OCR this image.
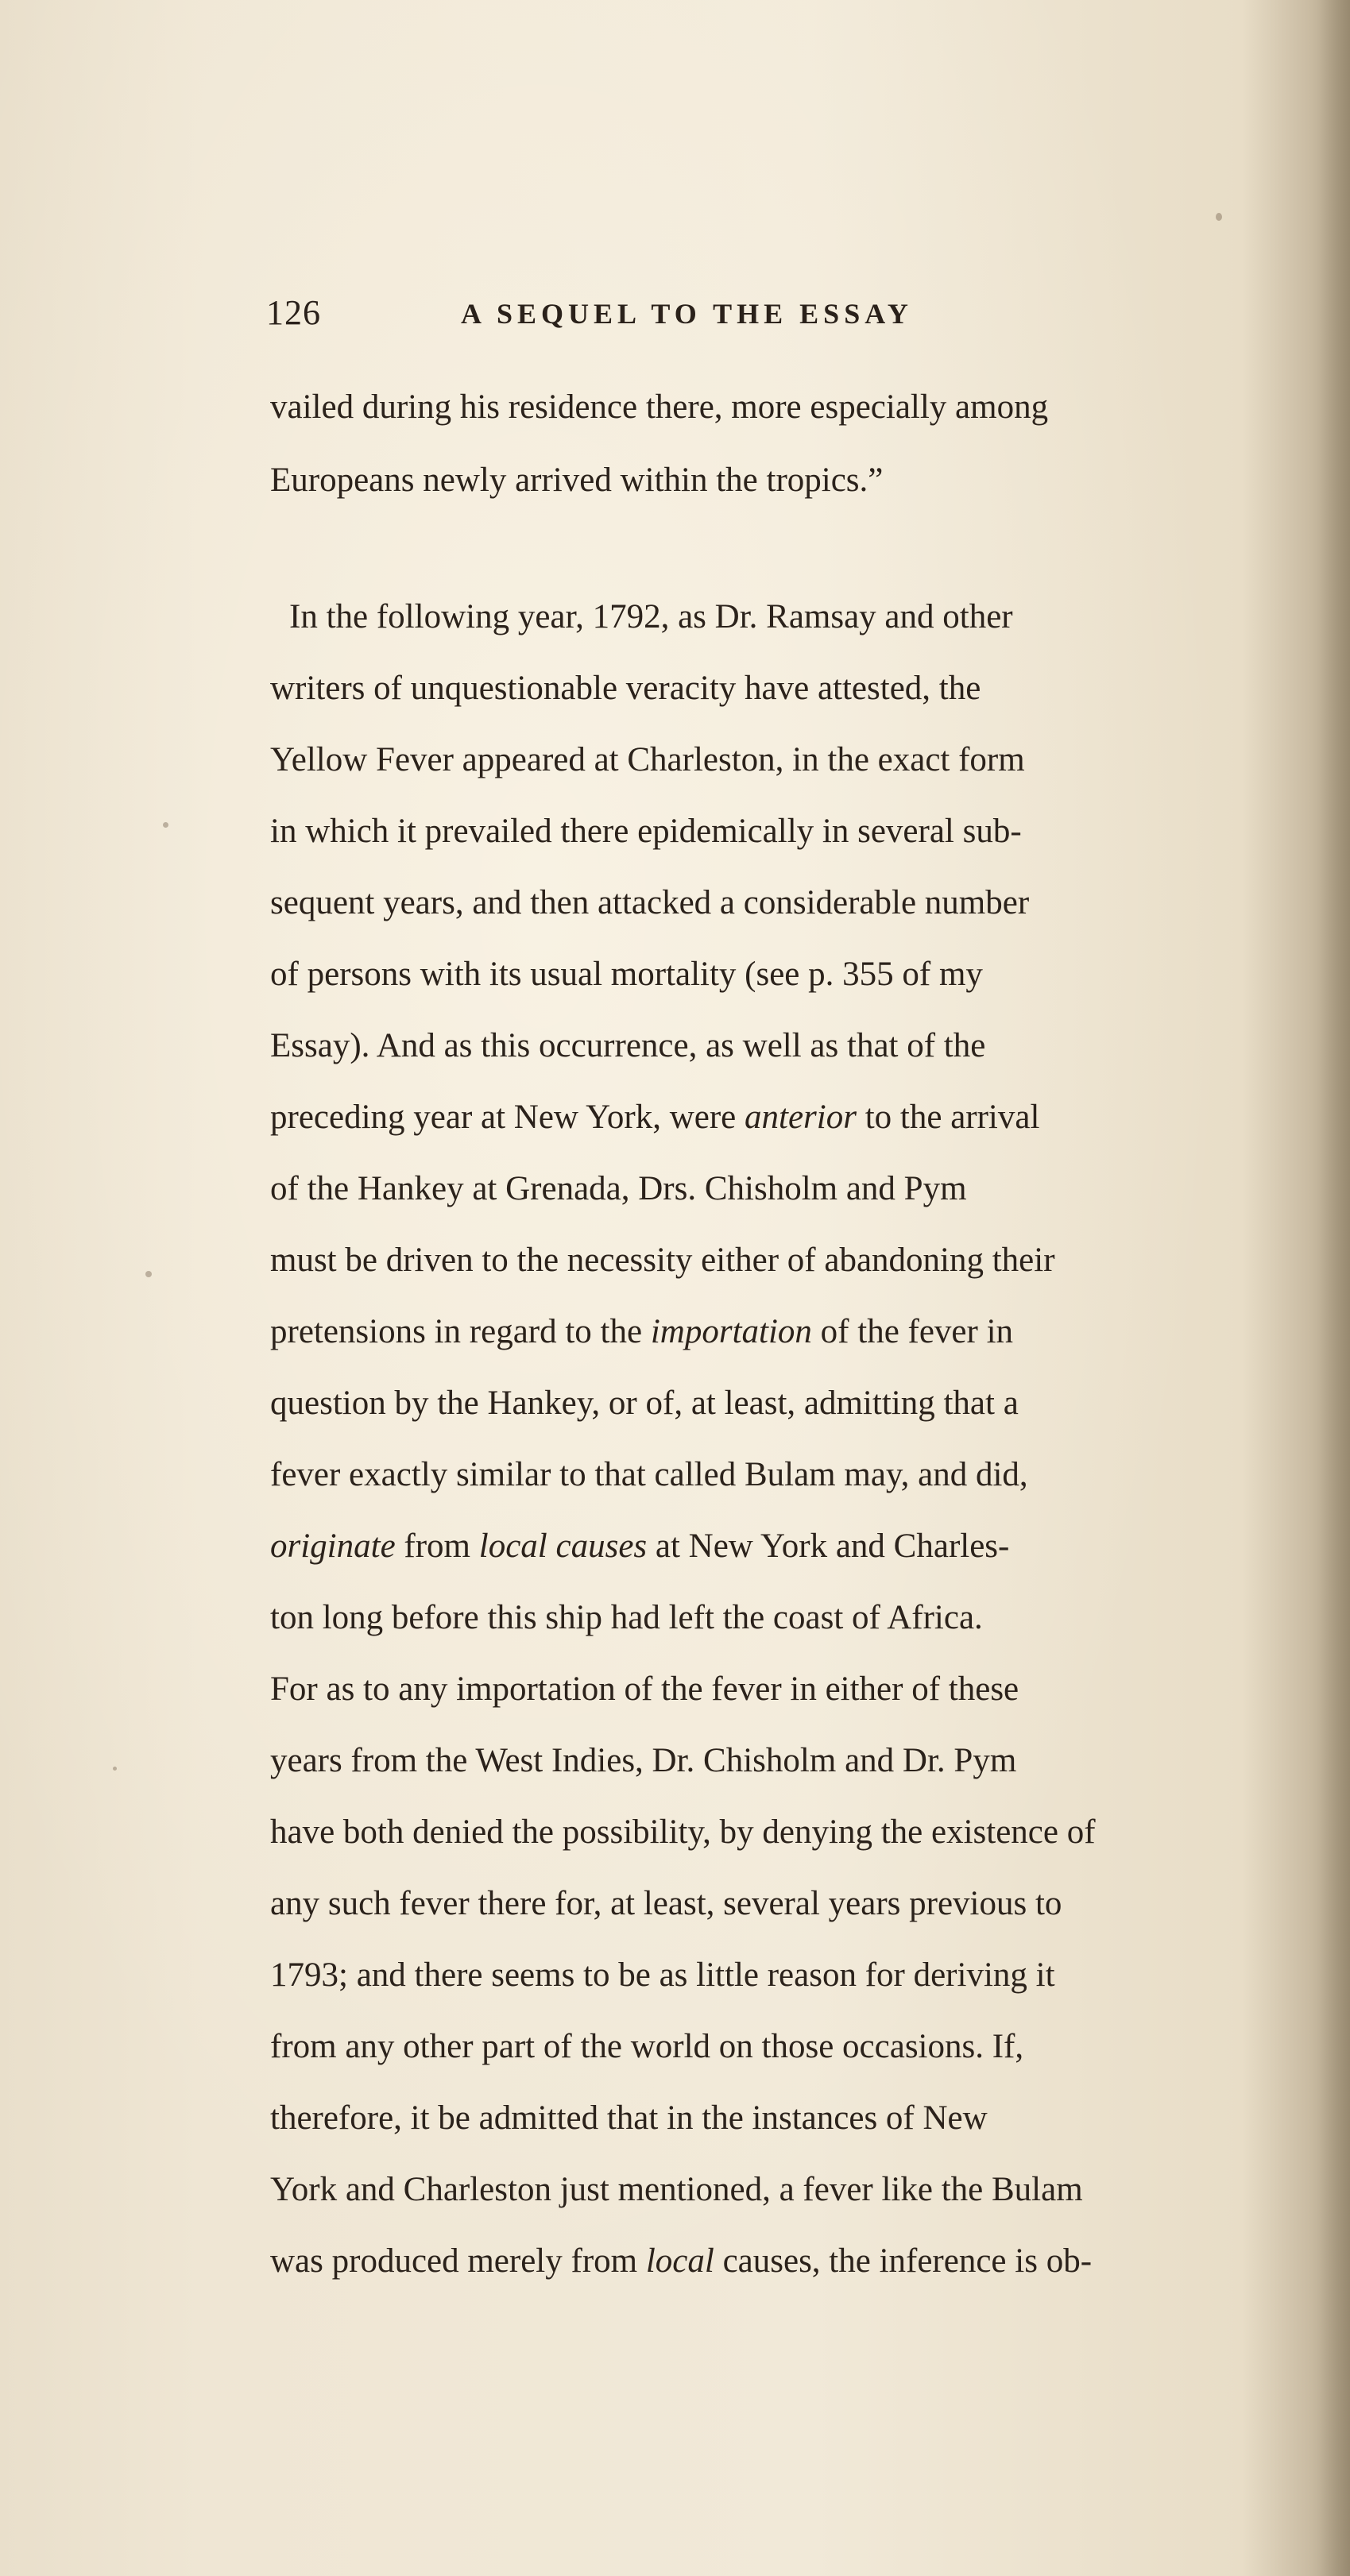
126	A SEQUEL TO THE ESSAY
vailed during his residence there, more especially among
Europeans newly arrived within the tropics.”
In the following year, 1792, as Dr. Ramsay and other
writers of unquestionable veracity have attested, the
Yellow Fever appeared at Charleston, in the exact form
in which it prevailed there epidemically in several sub-
sequent years, and then attacked a considerable number
of persons with its usual mortality (see p. 355 of my
Essay). And as this occurrence, as well as that of the
preceding year at New York, were anterior to the arrival
of the Hankey at Grenada, Drs. Chisholm and Pym
must be driven to the necessity either of abandoning their
pretensions in regard to the importation of the fever in
question by the Hankey, or of, at least, admitting that a
fever exactly similar to that called Bulam may, and did,
originate from local causes at New York and Charles-
ton long before this ship had left the coast of Africa.
For as to any importation of the fever in either of these
years from the West Indies, Dr. Chisholm and Dr. Pym
have both denied the possibility, by denying the existence of
any such fever there for, at least, several years previous to
1793; and there seems to be as little reason for deriving it
from any other part of the world on those occasions. If,
therefore, it be admitted that in the instances of New
York and Charleston just mentioned, a fever like the Bulam
was produced merely from local causes, the inference is ob-
